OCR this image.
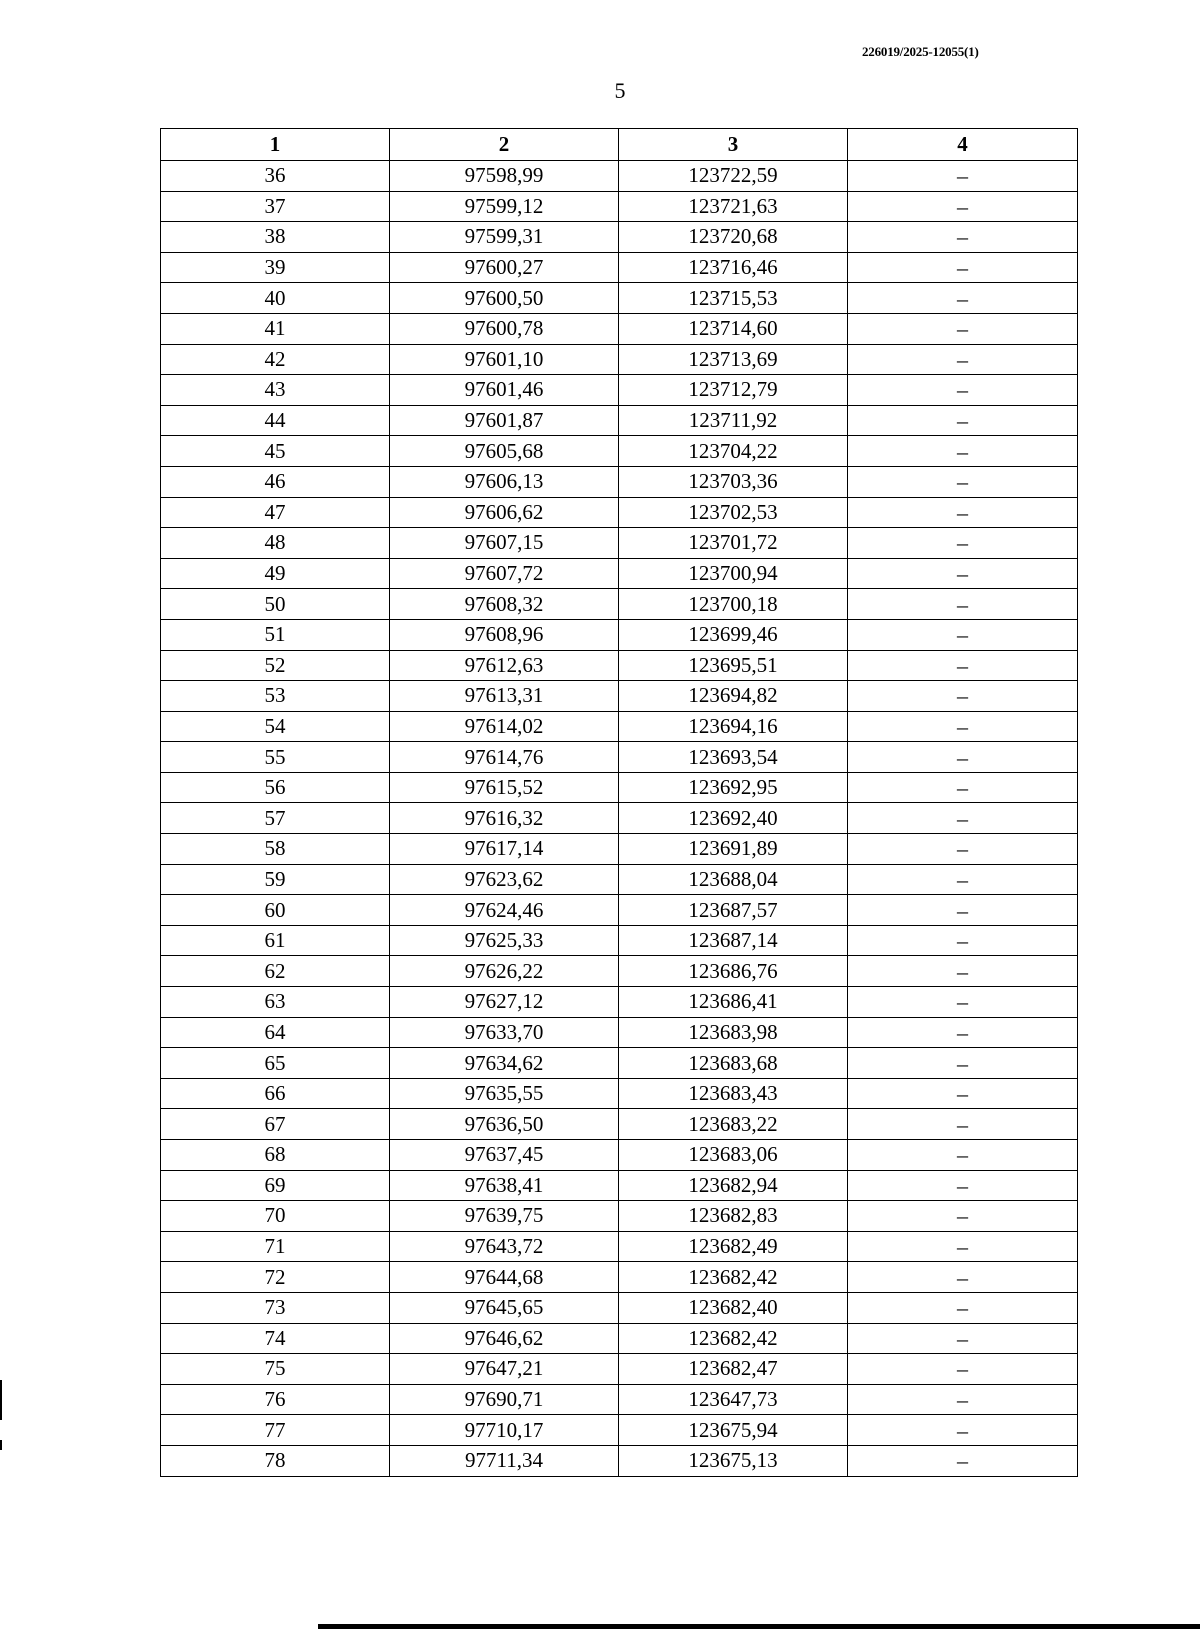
226019/2025-12055(1)
5
1	2	3	4
36	97598,99	123722,59	–
37	97599,12	123721,63	–
38	97599,31	123720,68	–
39	97600,27	123716,46	–
40	97600,50	123715,53	–
41	97600,78	123714,60	–
42	97601,10	123713,69	–
43	97601,46	123712,79	–
44	97601,87	123711,92	–
45	97605,68	123704,22	–
46	97606,13	123703,36	–
47	97606,62	123702,53	–
48	97607,15	123701,72	–
49	97607,72	123700,94	–
50	97608,32	123700,18	–
51	97608,96	123699,46	–
52	97612,63	123695,51	–
53	97613,31	123694,82	–
54	97614,02	123694,16	–
55	97614,76	123693,54	–
56	97615,52	123692,95	–
57	97616,32	123692,40	–
58	97617,14	123691,89	–
59	97623,62	123688,04	–
60	97624,46	123687,57	–
61	97625,33	123687,14	–
62	97626,22	123686,76	–
63	97627,12	123686,41	–
64	97633,70	123683,98	–
65	97634,62	123683,68	–
66	97635,55	123683,43	–
67	97636,50	123683,22	–
68	97637,45	123683,06	–
69	97638,41	123682,94	–
70	97639,75	123682,83	–
71	97643,72	123682,49	–
72	97644,68	123682,42	–
73	97645,65	123682,40	–
74	97646,62	123682,42	–
75	97647,21	123682,47	–
76	97690,71	123647,73	–
77	97710,17	123675,94	–
78	97711,34	123675,13	–
